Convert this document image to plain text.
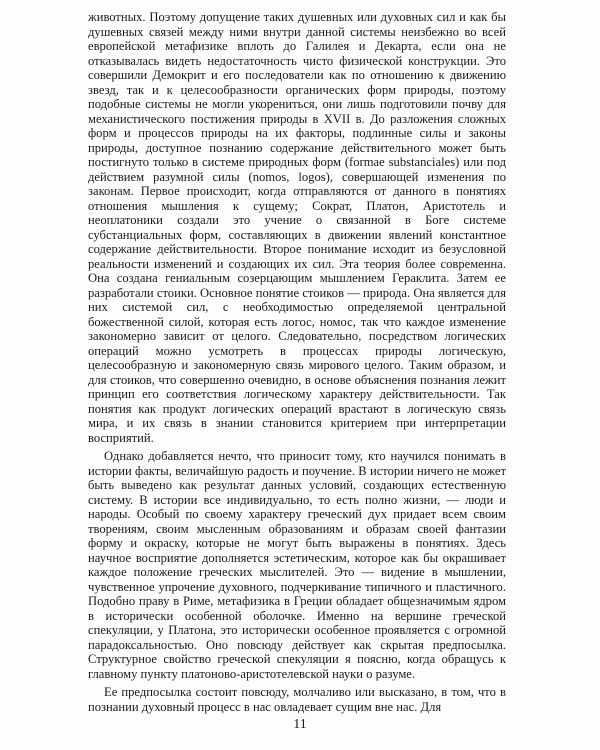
животных. Поэтому допущение таких душевных или духовных сил и как бы душевных связей между ними внутри данной системы неизбежно во всей европейской метафизике вплоть до Галилея и Декарта, если она не отказывалась видеть недостаточность чисто физической конструкции. Это совершили Демокрит и его последователи как по отношению к движению звезд, так и к целесообразности органических форм природы, поэтому подобные системы не могли укорениться, они лишь подготовили почву для механистического постижения природы в XVII в. До разложения сложных форм и процессов природы на их факторы, подлинные силы и законы природы, доступное познанию содержание действительного может быть постигнуто только в системе природных форм (formae substanciales) или под действием разумной силы (nomos, logos), совершающей изменения по законам. Первое происходит, когда отправляются от данного в понятиях отношения мышления к сущему; Сократ, Платон, Аристотель и неоплатоники создали это учение о связанной в Боге системе субстанциальных форм, составляющих в движении явлений константное содержание действительности. Второе понимание исходит из безусловной реальности изменений и создающих их сил. Эта теория более современна. Она создана гениальным созерцающим мышлением Гераклита. Затем ее разработали стоики. Основное понятие стоиков — природа. Она является для них системой сил, с необходимостью определяемой центральной божественной силой, которая есть логос, номос, так что каждое изменение закономерно зависит от целого. Следовательно, посредством логических операций можно усмотреть в процессах природы логическую, целесообразную и закономерную связь мирового целого. Таким образом, и для стоиков, что совершенно очевидно, в основе объяснения познания лежит принцип его соответствия логическому характеру действительности. Так понятия как продукт логических операций врастают в логическую связь мира, и их связь в знании становится критерием при интерпретации восприятий.

Однако добавляется нечто, что приносит тому, кто научился понимать в истории факты, величайшую радость и поучение. В истории ничего не может быть выведено как результат данных условий, создающих естественную систему. В истории все индивидуально, то есть полно жизни, — люди и народы. Особый по своему характеру греческий дух придает всем своим творениям, своим мысленным образованиям и образам своей фантазии форму и окраску, которые не могут быть выражены в понятиях. Здесь научное восприятие дополняется эстетическим, которое как бы окрашивает каждое положение греческих мыслителей. Это — видение в мышлении, чувственное упрочение духовного, подчеркивание типичного и пластичного. Подобно праву в Риме, метафизика в Греции обладает общезначимым ядром в исторически особенной оболочке. Именно на вершине греческой спекуляции, у Платона, это исторически особенное проявляется с огромной парадоксальностью. Оно повсюду действует как скрытая предпосылка. Структурное свойство греческой спекуляции я поясню, когда обращусь к главному пункту платоново-аристотелевской науки о разуме.

Ее предпосылка состоит повсюду, молчаливо или высказано, в том, что в познании духовный процесс в нас овладевает сущим вне нас. Для

11
